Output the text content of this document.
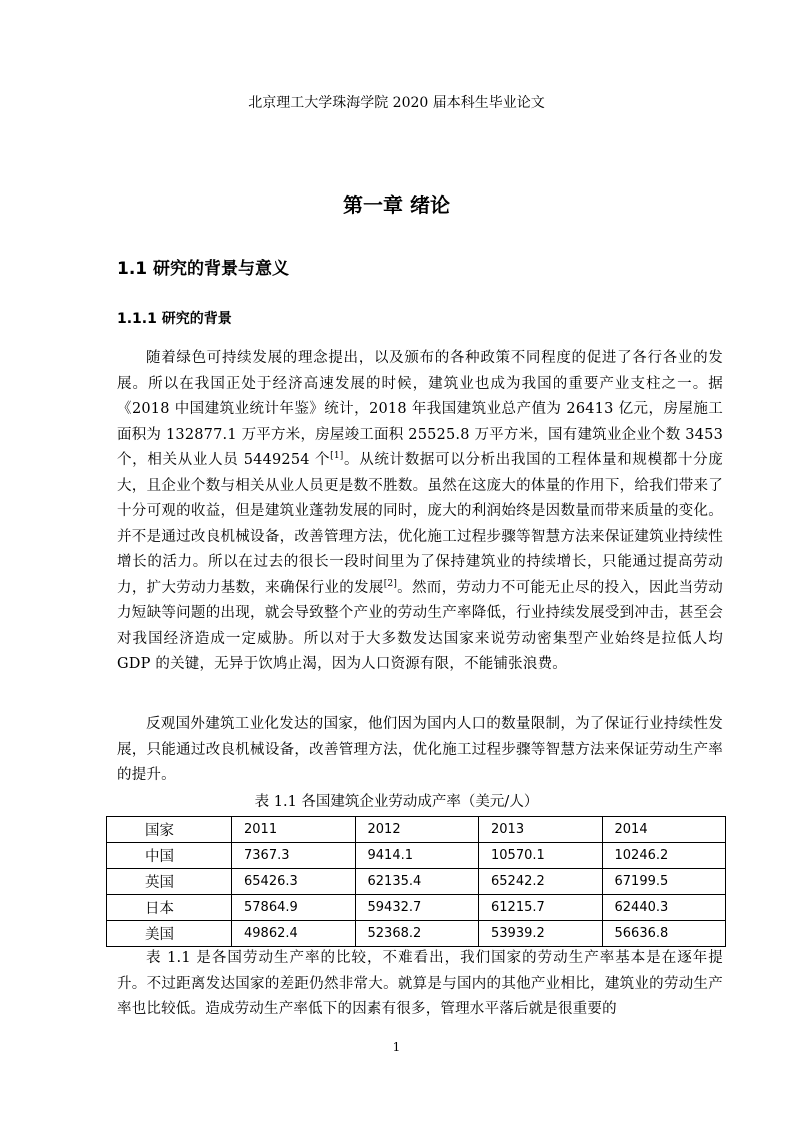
北京理工大学珠海学院 2020 届本科生毕业论文
第一章 绪论
1.1 研究的背景与意义
1.1.1 研究的背景

随着绿色可持续发展的理念提出，以及颁布的各种政策不同程度的促进了各行各业的发展。所以在我国正处于经济高速发展的时候，建筑业也成为我国的重要产业支柱之一。据《2018 中国建筑业统计年鉴》统计，2018 年我国建筑业总产值为 26413 亿元，房屋施工面积为 132877.1 万平方米，房屋竣工面积 25525.8 万平方米，国有建筑业企业个数 3453 个，相关从业人员 5449254 个[1]。从统计数据可以分析出我国的工程体量和规模都十分庞大，且企业个数与相关从业人员更是数不胜数。虽然在这庞大的体量的作用下，给我们带来了十分可观的收益，但是建筑业蓬勃发展的同时，庞大的利润始终是因数量而带来质量的变化。并不是通过改良机械设备，改善管理方法，优化施工过程步骤等智慧方法来保证建筑业持续性增长的活力。所以在过去的很长一段时间里为了保持建筑业的持续增长，只能通过提高劳动力，扩大劳动力基数，来确保行业的发展[2]。然而，劳动力不可能无止尽的投入，因此当劳动力短缺等问题的出现，就会导致整个产业的劳动生产率降低，行业持续发展受到冲击，甚至会对我国经济造成一定威胁。所以对于大多数发达国家来说劳动密集型产业始终是拉低人均 GDP 的关键，无异于饮鸠止渴，因为人口资源有限，不能铺张浪费。

反观国外建筑工业化发达的国家，他们因为国内人口的数量限制，为了保证行业持续性发展，只能通过改良机械设备，改善管理方法，优化施工过程步骤等智慧方法来保证劳动生产率的提升。

表 1.1 各国建筑企业劳动成产率（美元/人）
国家	2011	2012	2013	2014
中国	7367.3	9414.1	10570.1	10246.2
英国	65426.3	62135.4	65242.2	67199.5
日本	57864.9	59432.7	61215.7	62440.3
美国	49862.4	52368.2	53939.2	56636.8

表 1.1 是各国劳动生产率的比较，不难看出，我们国家的劳动生产率基本是在逐年提升。不过距离发达国家的差距仍然非常大。就算是与国内的其他产业相比，建筑业的劳动生产率也比较低。造成劳动生产率低下的因素有很多，管理水平落后就是很重要的

1
